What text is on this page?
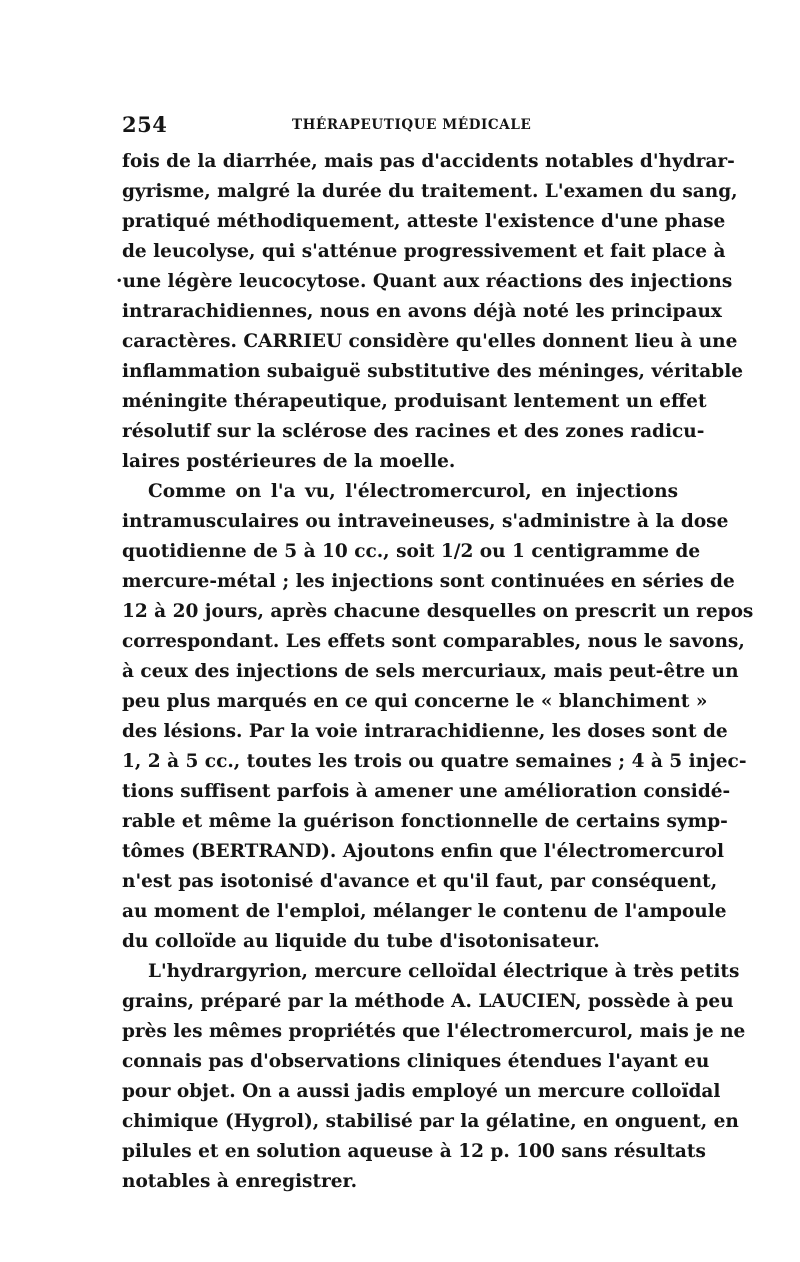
254	THÉRAPEUTIQUE MÉDICALE
fois de la diarrhée, mais pas d'accidents notables d'hydrar-
gyrisme, malgré la durée du traitement. L'examen du sang,
pratiqué méthodiquement, atteste l'existence d'une phase
de leucolyse, qui s'atténue progressivement et fait place à
·une légère leucocytose. Quant aux réactions des injections
intrarachidiennes, nous en avons déjà noté les principaux
caractères. CARRIEU considère qu'elles donnent lieu à une
inflammation subaiguë substitutive des méninges, véritable
méningite thérapeutique, produisant lentement un effet
résolutif sur la sclérose des racines et des zones radicu-
laires postérieures de la moelle.
Comme on l'a vu, l'électromercurol, en injections
intramusculaires ou intraveineuses, s'administre à la dose
quotidienne de 5 à 10 cc., soit 1/2 ou 1 centigramme de
mercure-métal ; les injections sont continuées en séries de
12 à 20 jours, après chacune desquelles on prescrit un repos
correspondant. Les effets sont comparables, nous le savons,
à ceux des injections de sels mercuriaux, mais peut-être un
peu plus marqués en ce qui concerne le « blanchiment »
des lésions. Par la voie intrarachidienne, les doses sont de
1, 2 à 5 cc., toutes les trois ou quatre semaines ; 4 à 5 injec-
tions suffisent parfois à amener une amélioration considé-
rable et même la guérison fonctionnelle de certains symp-
tômes (BERTRAND). Ajoutons enfin que l'électromercurol
n'est pas isotonisé d'avance et qu'il faut, par conséquent,
au moment de l'emploi, mélanger le contenu de l'ampoule
du colloïde au liquide du tube d'isotonisateur.
L'hydrargyrion, mercure celloïdal électrique à très petits
grains, préparé par la méthode A. LAUCIEN, possède à peu
près les mêmes propriétés que l'électromercurol, mais je ne
connais pas d'observations cliniques étendues l'ayant eu
pour objet. On a aussi jadis employé un mercure colloïdal
chimique (Hygrol), stabilisé par la gélatine, en onguent, en
pilules et en solution aqueuse à 12 p. 100 sans résultats
notables à enregistrer.
